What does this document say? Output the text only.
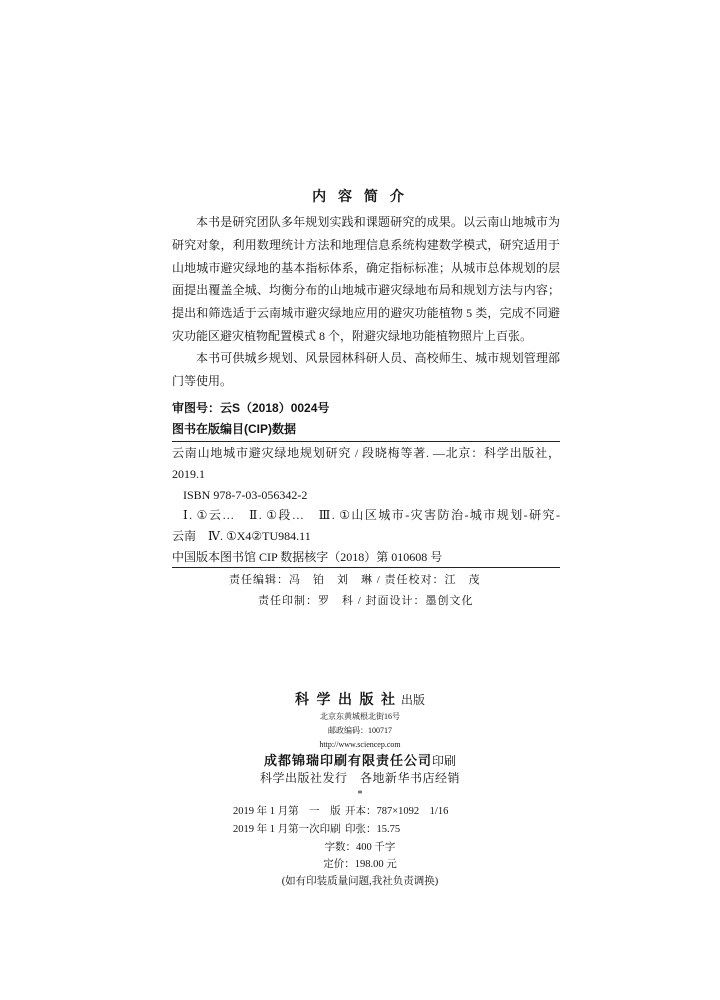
内 容 简 介
本书是研究团队多年规划实践和课题研究的成果。以云南山地城市为
研究对象，利用数理统计方法和地理信息系统构建数学模式，研究适用于
山地城市避灾绿地的基本指标体系，确定指标标准；从城市总体规划的层
面提出覆盖全城、均衡分布的山地城市避灾绿地布局和规划方法与内容；
提出和筛选适于云南城市避灾绿地应用的避灾功能植物 5 类，完成不同避
灾功能区避灾植物配置模式 8 个，附避灾绿地功能植物照片上百张。
本书可供城乡规划、风景园林科研人员、高校师生、城市规划管理部
门等使用。
审图号：云S（2018）0024号
图书在版编目(CIP)数据
云南山地城市避灾绿地规划研究 / 段晓梅等著. —北京：科学出版社，
2019.1
ISBN 978-7-03-056342-2
Ⅰ. ①云…　Ⅱ. ①段…　Ⅲ. ①山区城市-灾害防治-城市规划-研究-
云南　Ⅳ. ①X4②TU984.11
中国版本图书馆 CIP 数据核字（2018）第 010608 号
责任编辑：冯　铂　刘　琳 / 责任校对：江　茂
责任印制：罗　科 / 封面设计：墨创文化
科 学 出 版 社 出版
北京东黄城根北街16号
邮政编码：100717
http://www.sciencep.com
成都锦瑞印刷有限责任公司印刷
科学出版社发行　各地新华书店经销
*
2019 年 1 月第　一　版 开本：787×1092　1/16
2019 年 1 月第一次印刷 印张：15.75
字数：400 千字
定价：198.00 元
(如有印装质量问题,我社负责调换)
